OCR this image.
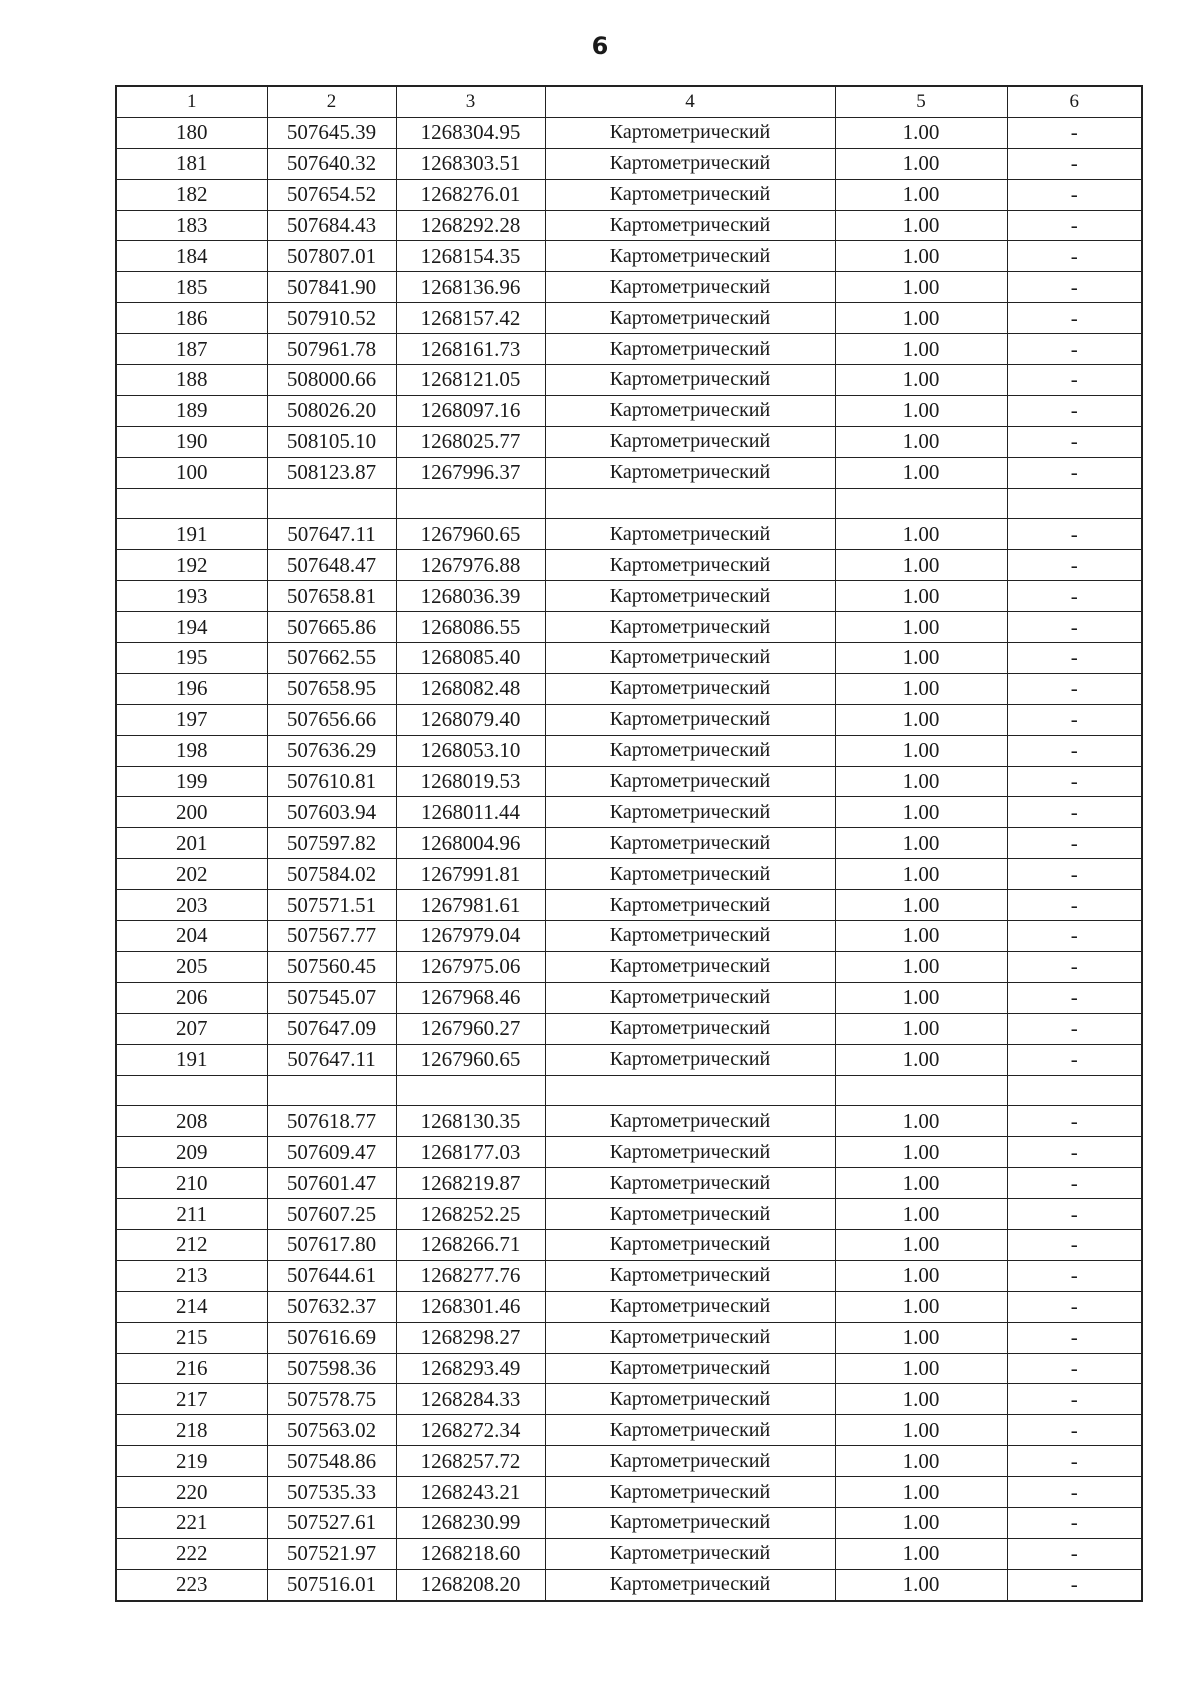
6
1	2	3	4	5	6
180	507645.39	1268304.95	Картометрический	1.00	-
181	507640.32	1268303.51	Картометрический	1.00	-
182	507654.52	1268276.01	Картометрический	1.00	-
183	507684.43	1268292.28	Картометрический	1.00	-
184	507807.01	1268154.35	Картометрический	1.00	-
185	507841.90	1268136.96	Картометрический	1.00	-
186	507910.52	1268157.42	Картометрический	1.00	-
187	507961.78	1268161.73	Картометрический	1.00	-
188	508000.66	1268121.05	Картометрический	1.00	-
189	508026.20	1268097.16	Картометрический	1.00	-
190	508105.10	1268025.77	Картометрический	1.00	-
100	508123.87	1267996.37	Картометрический	1.00	-

191	507647.11	1267960.65	Картометрический	1.00	-
192	507648.47	1267976.88	Картометрический	1.00	-
193	507658.81	1268036.39	Картометрический	1.00	-
194	507665.86	1268086.55	Картометрический	1.00	-
195	507662.55	1268085.40	Картометрический	1.00	-
196	507658.95	1268082.48	Картометрический	1.00	-
197	507656.66	1268079.40	Картометрический	1.00	-
198	507636.29	1268053.10	Картометрический	1.00	-
199	507610.81	1268019.53	Картометрический	1.00	-
200	507603.94	1268011.44	Картометрический	1.00	-
201	507597.82	1268004.96	Картометрический	1.00	-
202	507584.02	1267991.81	Картометрический	1.00	-
203	507571.51	1267981.61	Картометрический	1.00	-
204	507567.77	1267979.04	Картометрический	1.00	-
205	507560.45	1267975.06	Картометрический	1.00	-
206	507545.07	1267968.46	Картометрический	1.00	-
207	507647.09	1267960.27	Картометрический	1.00	-
191	507647.11	1267960.65	Картометрический	1.00	-

208	507618.77	1268130.35	Картометрический	1.00	-
209	507609.47	1268177.03	Картометрический	1.00	-
210	507601.47	1268219.87	Картометрический	1.00	-
211	507607.25	1268252.25	Картометрический	1.00	-
212	507617.80	1268266.71	Картометрический	1.00	-
213	507644.61	1268277.76	Картометрический	1.00	-
214	507632.37	1268301.46	Картометрический	1.00	-
215	507616.69	1268298.27	Картометрический	1.00	-
216	507598.36	1268293.49	Картометрический	1.00	-
217	507578.75	1268284.33	Картометрический	1.00	-
218	507563.02	1268272.34	Картометрический	1.00	-
219	507548.86	1268257.72	Картометрический	1.00	-
220	507535.33	1268243.21	Картометрический	1.00	-
221	507527.61	1268230.99	Картометрический	1.00	-
222	507521.97	1268218.60	Картометрический	1.00	-
223	507516.01	1268208.20	Картометрический	1.00	-
